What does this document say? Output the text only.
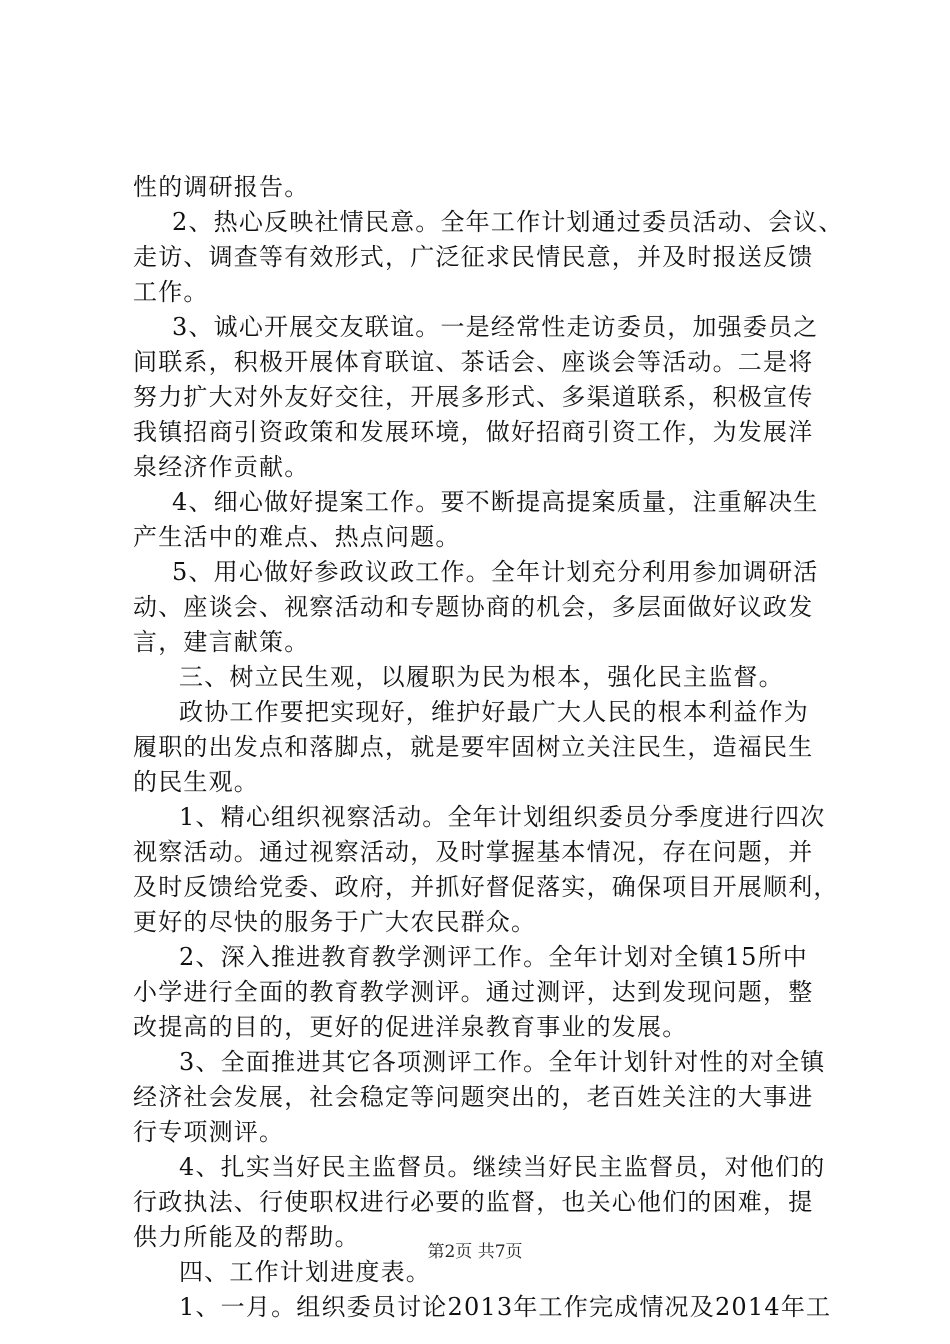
性的调研报告。
2、热心反映社情民意。全年工作计划通过委员活动、会议、
走访、调查等有效形式，广泛征求民情民意，并及时报送反馈
工作。
3、诚心开展交友联谊。一是经常性走访委员，加强委员之
间联系，积极开展体育联谊、茶话会、座谈会等活动。二是将
努力扩大对外友好交往，开展多形式、多渠道联系，积极宣传
我镇招商引资政策和发展环境，做好招商引资工作，为发展洋
泉经济作贡献。
4、细心做好提案工作。要不断提高提案质量，注重解决生
产生活中的难点、热点问题。
5、用心做好参政议政工作。全年计划充分利用参加调研活
动、座谈会、视察活动和专题协商的机会，多层面做好议政发
言，建言献策。
三、树立民生观，以履职为民为根本，强化民主监督。
政协工作要把实现好，维护好最广大人民的根本利益作为
履职的出发点和落脚点，就是要牢固树立关注民生，造福民生
的民生观。
1、精心组织视察活动。全年计划组织委员分季度进行四次
视察活动。通过视察活动，及时掌握基本情况，存在问题，并
及时反馈给党委、政府，并抓好督促落实，确保项目开展顺利，
更好的尽快的服务于广大农民群众。
2、深入推进教育教学测评工作。全年计划对全镇15所中
小学进行全面的教育教学测评。通过测评，达到发现问题，整
改提高的目的，更好的促进洋泉教育事业的发展。
3、全面推进其它各项测评工作。全年计划针对性的对全镇
经济社会发展，社会稳定等问题突出的，老百姓关注的大事进
行专项测评。
4、扎实当好民主监督员。继续当好民主监督员，对他们的
行政执法、行使职权进行必要的监督，也关心他们的困难，提
供力所能及的帮助。
四、工作计划进度表。
1、一月。组织委员讨论2013年工作完成情况及2014年工
第2页 共7页
